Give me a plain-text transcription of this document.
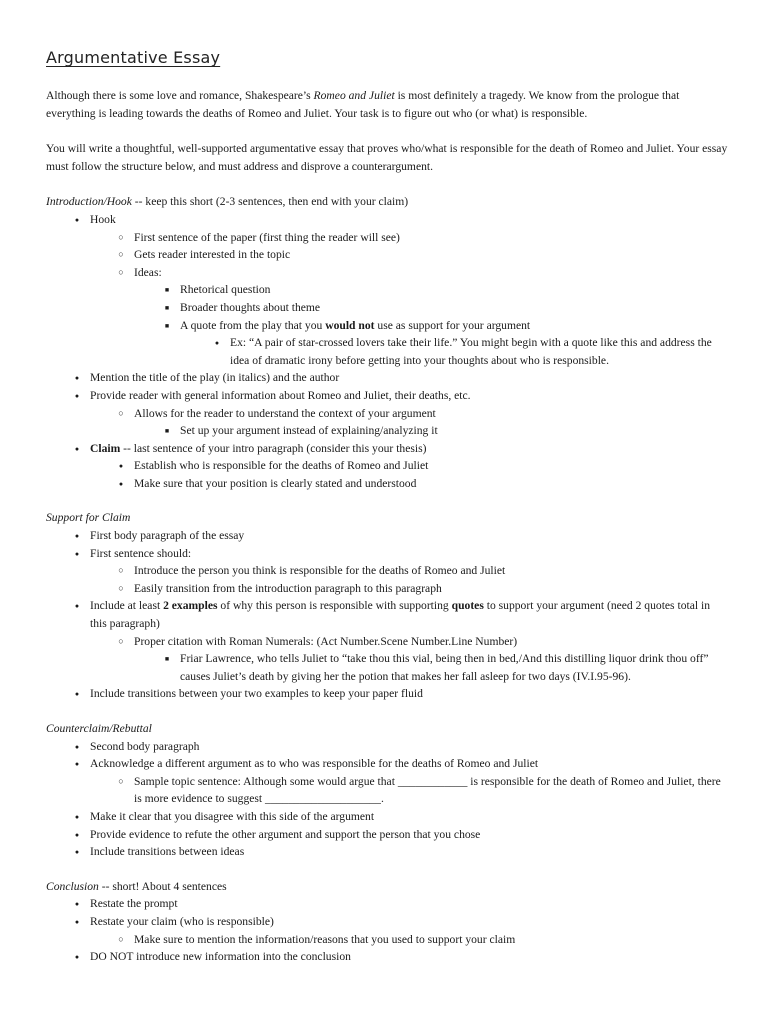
Argumentative Essay

Although there is some love and romance, Shakespeare’s Romeo and Juliet is most definitely a tragedy. We know from the prologue that everything is leading towards the deaths of Romeo and Juliet. Your task is to figure out who (or what) is responsible.

You will write a thoughtful, well-supported argumentative essay that proves who/what is responsible for the death of Romeo and Juliet. Your essay must follow the structure below, and must address and disprove a counterargument.

Introduction/Hook -- keep this short (2-3 sentences, then end with your claim)
●
Hook
○
First sentence of the paper (first thing the reader will see)
○
Gets reader interested in the topic
○
Ideas:
■
Rhetorical question
■
Broader thoughts about theme
■
A quote from the play that you would not use as support for your argument
●
Ex: “A pair of star-crossed lovers take their life.” You might begin with a quote like this and address the idea of dramatic irony before getting into your thoughts about who is responsible.
●
Mention the title of the play (in italics) and the author
●
Provide reader with general information about Romeo and Juliet, their deaths, etc.
○
Allows for the reader to understand the context of your argument
■
Set up your argument instead of explaining/analyzing it
●
Claim -- last sentence of your intro paragraph (consider this your thesis)
●
Establish who is responsible for the deaths of Romeo and Juliet
●
Make sure that your position is clearly stated and understood
Support for Claim
●
First body paragraph of the essay
●
First sentence should:
○
Introduce the person you think is responsible for the deaths of Romeo and Juliet
○
Easily transition from the introduction paragraph to this paragraph
●
Include at least 2 examples of why this person is responsible with supporting quotes to support your argument (need 2 quotes total in this paragraph)
○
Proper citation with Roman Numerals: (Act Number.Scene Number.Line Number)
■
Friar Lawrence, who tells Juliet to “take thou this vial, being then in bed,/And this distilling liquor drink thou off” causes Juliet’s death by giving her the potion that makes her fall asleep for two days (IV.I.95-96).
●
Include transitions between your two examples to keep your paper fluid
Counterclaim/Rebuttal
●
Second body paragraph
●
Acknowledge a different argument as to who was responsible for the deaths of Romeo and Juliet
○
Sample topic sentence: Although some would argue that ____________ is responsible for the death of Romeo and Juliet, there is more evidence to suggest ____________________.
●
Make it clear that you disagree with this side of the argument
●
Provide evidence to refute the other argument and support the person that you chose
●
Include transitions between ideas
Conclusion -- short! About 4 sentences
●
Restate the prompt
●
Restate your claim (who is responsible)
○
Make sure to mention the information/reasons that you used to support your claim
●
DO NOT introduce new information into the conclusion
